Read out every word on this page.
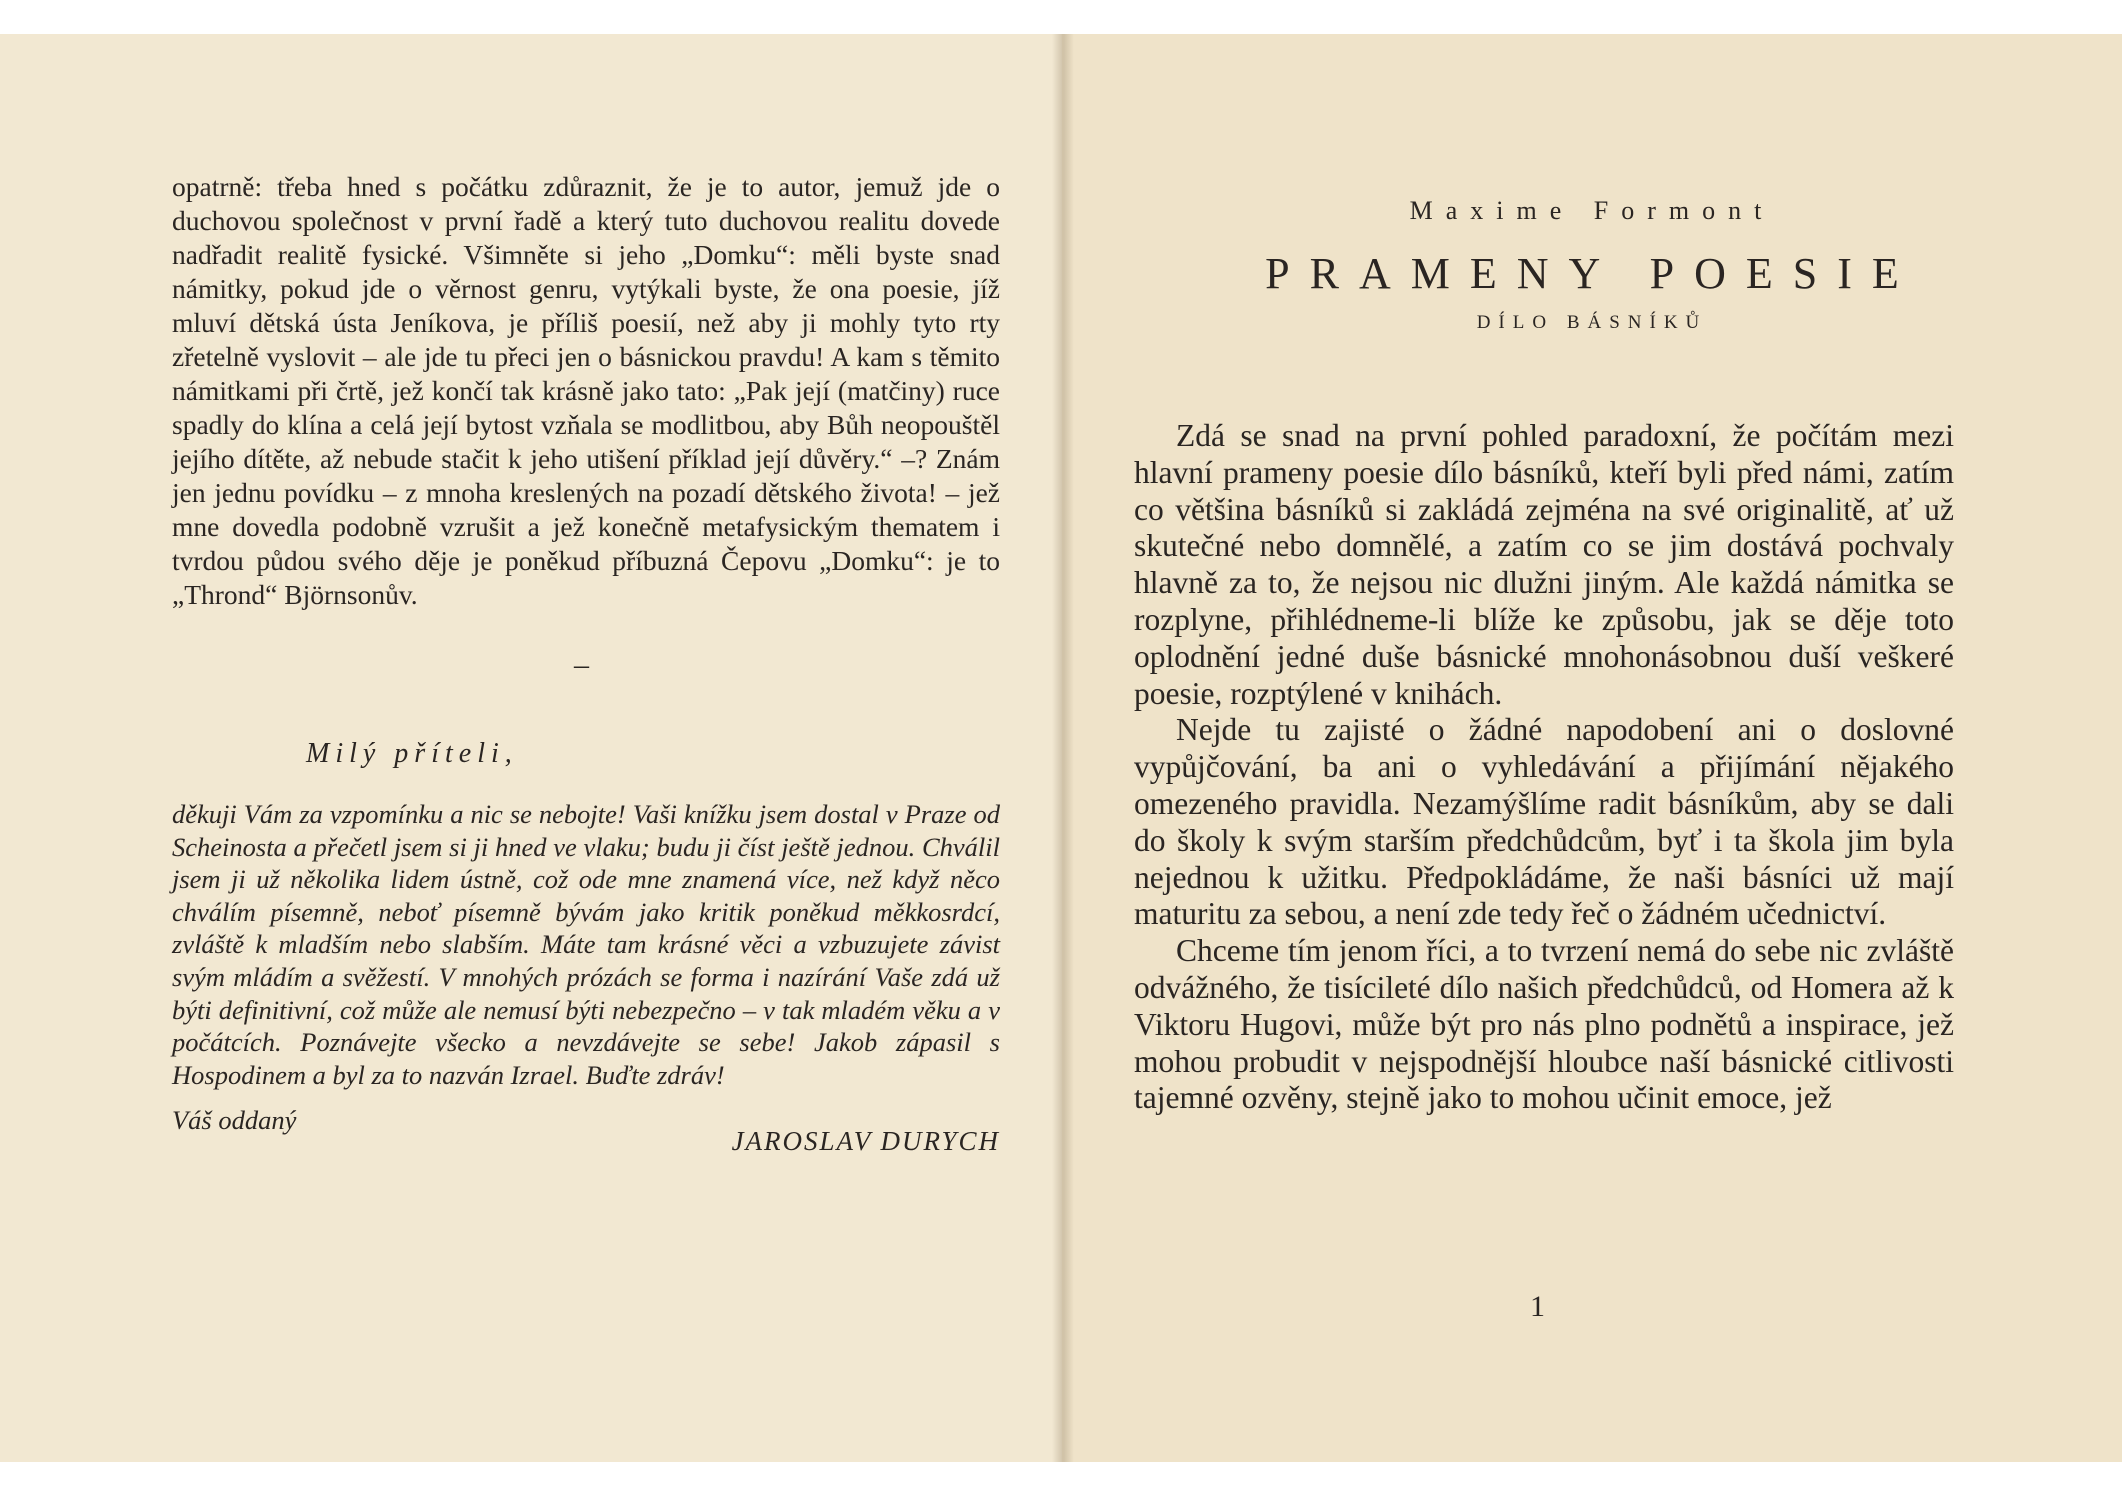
opatrně: třeba hned s počátku zdůraznit, že je to autor, jemuž jde o duchovou společnost v první řadě a který tuto duchovou realitu dovede nadřadit realitě fysické. Všimněte si jeho „Domku“: měli byste snad námitky, pokud jde o věrnost genru, vytýkali byste, že ona poesie, jíž mluví dětská ústa Jeníkova, je příliš poesií, než aby ji mohly tyto rty zřetelně vyslovit – ale jde tu přeci jen o básnickou pravdu! A kam s těmito námitkami při črtě, jež končí tak krásně jako tato: „Pak její (matčiny) ruce spadly do klína a celá její bytost vzňala se modlitbou, aby Bůh neopouštěl jejího dítěte, až nebude stačit k jeho utišení příklad její důvěry.“ –? Znám jen jednu povídku – z mnoha kreslených na pozadí dětského života! – jež mne dovedla podobně vzrušit a jež konečně metafysickým thematem i tvrdou půdou svého děje je poněkud příbuzná Čepovu „Domku“: je to „Thrond“ Björnsonův.

–
Milý příteli,

děkuji Vám za vzpomínku a nic se nebojte! Vaši knížku jsem dostal v Praze od Scheinosta a přečetl jsem si ji hned ve vlaku; budu ji číst ještě jednou. Chválil jsem ji už několika lidem ústně, což ode mne znamená více, než když něco chválím písemně, neboť písemně bývám jako kritik poněkud měkkosrdcí, zvláště k mladším nebo slabším. Máte tam krásné věci a vzbuzujete závist svým mládím a svěžestí. V mnohých prózách se forma i nazírání Vaše zdá už býti definitivní, což může ale nemusí býti nebezpečno – v tak mladém věku a v počátcích. Poznávejte všecko a nevzdávejte se sebe! Jakob zápasil s Hospodinem a byl za to nazván Izrael. Buďte zdráv!

Váš oddaný
JAROSLAV DURYCH
Maxime Formont
PRAMENY POESIE
DÍLO BÁSNÍKŮ

Zdá se snad na první pohled paradoxní, že počítám mezi hlavní prameny poesie dílo básníků, kteří byli před námi, zatím co většina básníků si zakládá zejména na své originalitě, ať už skutečné nebo domnělé, a zatím co se jim dostává pochvaly hlavně za to, že nejsou nic dlužni jiným. Ale každá námitka se rozplyne, přihlédneme-li blíže ke způsobu, jak se děje toto oplodnění jedné duše básnické mnohonásobnou duší veškeré poesie, rozptýlené v knihách.

Nejde tu zajisté o žádné napodobení ani o doslovné vypůjčování, ba ani o vyhledávání a přijímání nějakého omezeného pravidla. Nezamýšlíme radit básníkům, aby se dali do školy k svým starším předchůdcům, byť i ta škola jim byla nejednou k užitku. Předpokládáme, že naši básníci už mají maturitu za sebou, a není zde tedy řeč o žádném učednictví.

Chceme tím jenom říci, a to tvrzení nemá do sebe nic zvláště odvážného, že tisícileté dílo našich předchůdců, od Homera až k Viktoru Hugovi, může být pro nás plno podnětů a inspirace, jež mohou probudit v nejspodnější hloubce naší básnické citlivosti tajemné ozvěny, stejně jako to mohou učinit emoce, jež

1
